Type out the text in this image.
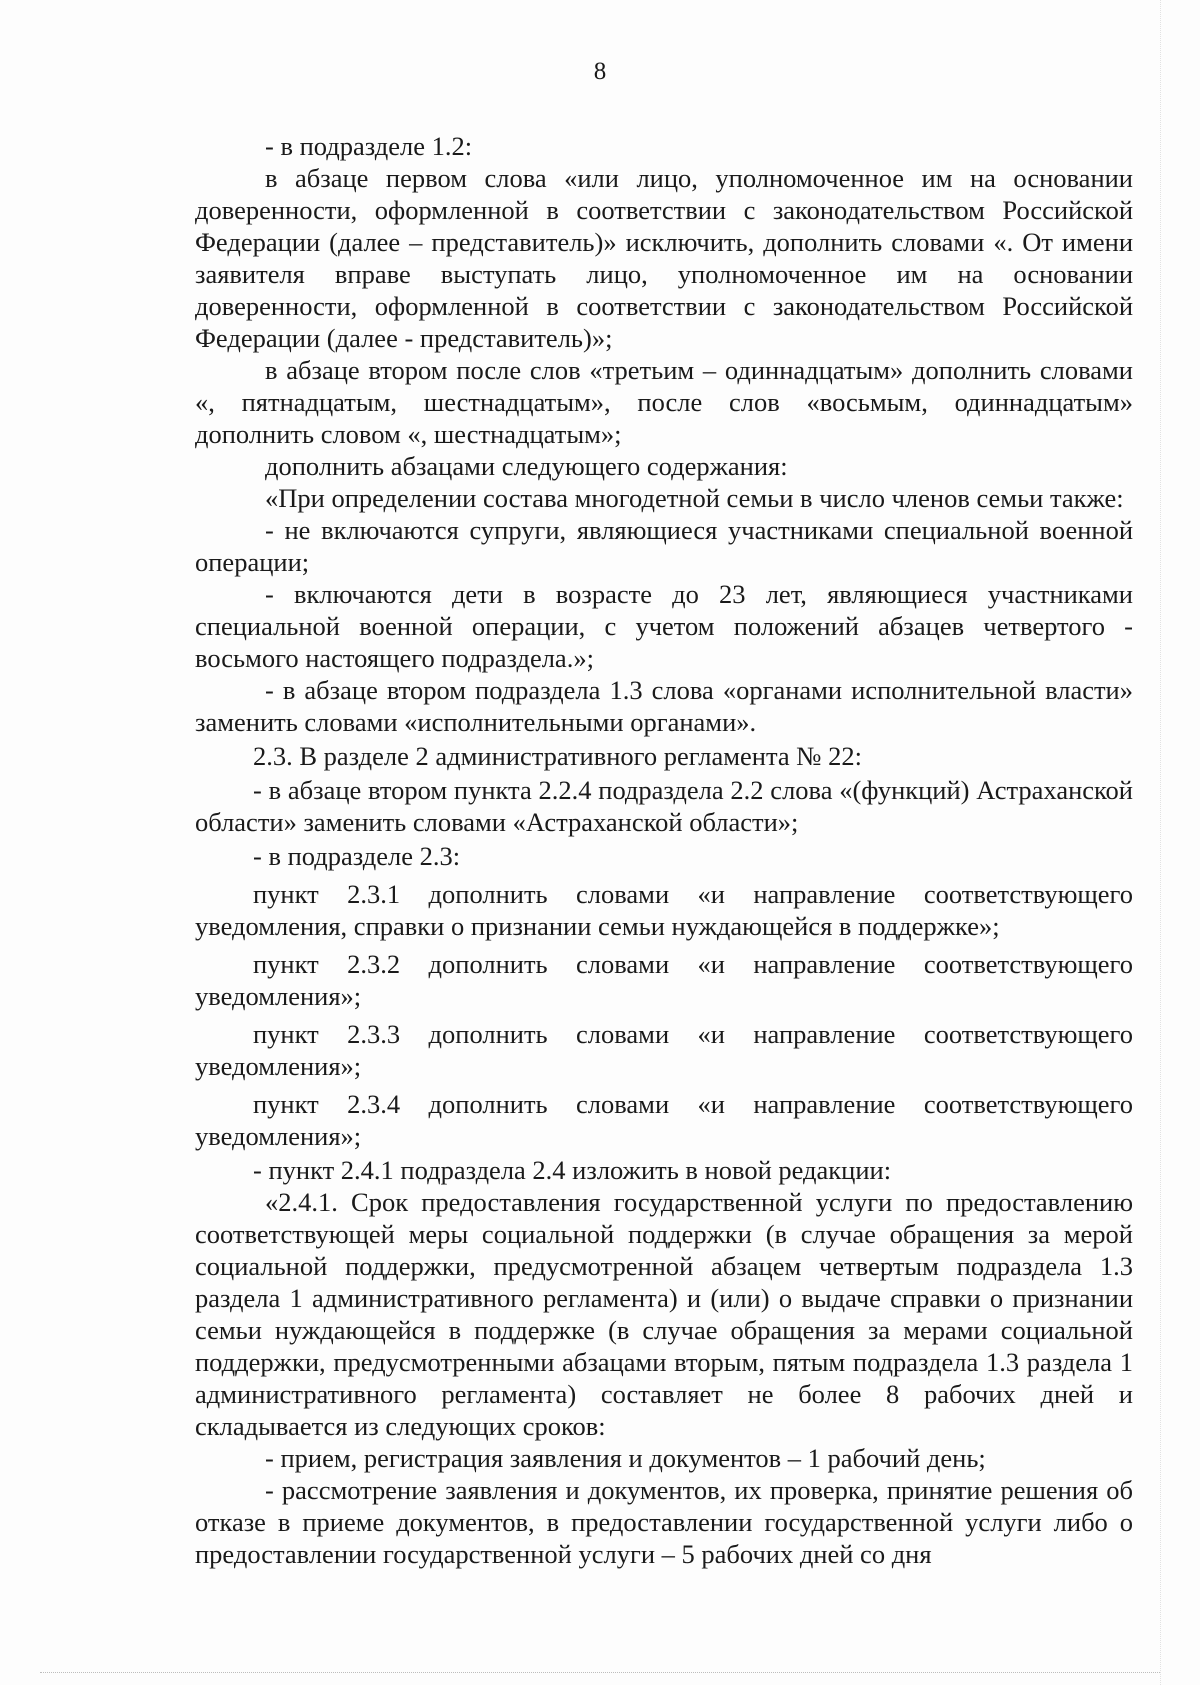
8

- в подразделе 1.2:

в абзаце первом слова «или лицо, уполномоченное им на основании доверенности, оформленной в соответствии с законодательством Российской Федерации (далее – представитель)» исключить, дополнить словами «. От имени заявителя вправе выступать лицо, уполномоченное им на основании доверенности, оформленной в соответствии с законодательством Российской Федерации (далее - представитель)»;

в абзаце втором после слов «третьим – одиннадцатым» дополнить словами «, пятнадцатым, шестнадцатым», после слов «восьмым, одиннадцатым» дополнить словом «, шестнадцатым»;

дополнить абзацами следующего содержания:

«При определении состава многодетной семьи в число членов семьи также:

- не включаются супруги, являющиеся участниками специальной военной операции;

- включаются дети в возрасте до 23 лет, являющиеся участниками специальной военной операции, с учетом положений абзацев четвертого - восьмого настоящего подраздела.»;

- в абзаце втором подраздела 1.3 слова «органами исполнительной власти» заменить словами «исполнительными органами».

2.3. В разделе 2 административного регламента № 22:

- в абзаце втором пункта 2.2.4 подраздела 2.2 слова «(функций) Астраханской области» заменить словами «Астраханской области»;

- в подразделе 2.3:

пункт 2.3.1 дополнить словами «и направление соответствующего уведомления, справки о признании семьи нуждающейся в поддержке»;

пункт 2.3.2 дополнить словами «и направление соответствующего уведомления»;

пункт 2.3.3 дополнить словами «и направление соответствующего уведомления»;

пункт 2.3.4 дополнить словами «и направление соответствующего уведомления»;

- пункт 2.4.1 подраздела 2.4 изложить в новой редакции:

«2.4.1. Срок предоставления государственной услуги по предоставлению соответствующей меры социальной поддержки (в случае обращения за мерой социальной поддержки, предусмотренной абзацем четвертым подраздела 1.3 раздела 1 административного регламента) и (или) о выдаче справки о признании семьи нуждающейся в поддержке (в случае обращения за мерами социальной поддержки, предусмотренными абзацами вторым, пятым подраздела 1.3 раздела 1 административного регламента) составляет не более 8 рабочих дней и складывается из следующих сроков:

- прием, регистрация заявления и документов – 1 рабочий день;

- рассмотрение заявления и документов, их проверка, принятие решения об отказе в приеме документов, в предоставлении государственной услуги либо о предоставлении государственной услуги – 5 рабочих дней со дня
